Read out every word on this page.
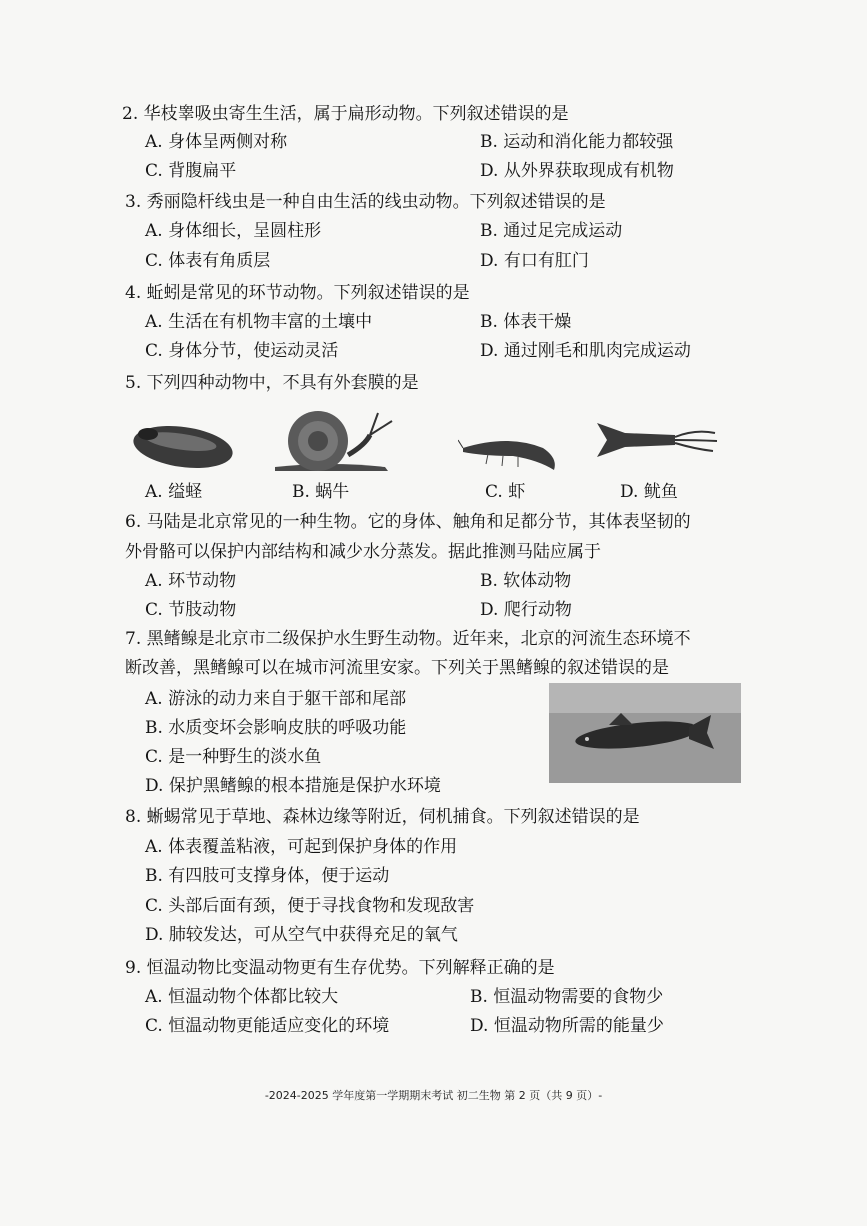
2. 华枝睾吸虫寄生生活，属于扁形动物。下列叙述错误的是
A. 身体呈两侧对称	B. 运动和消化能力都较强
C. 背腹扁平	D. 从外界获取现成有机物
3. 秀丽隐杆线虫是一种自由生活的线虫动物。下列叙述错误的是
A. 身体细长，呈圆柱形	B. 通过足完成运动
C. 体表有角质层	D. 有口有肛门
4. 蚯蚓是常见的环节动物。下列叙述错误的是
A. 生活在有机物丰富的土壤中	B. 体表干燥
C. 身体分节，使运动灵活	D. 通过刚毛和肌肉完成运动
5. 下列四种动物中，不具有外套膜的是
A. 缢蛏	B. 蜗牛	C. 虾	D. 鱿鱼
6. 马陆是北京常见的一种生物。它的身体、触角和足都分节，其体表坚韧的
外骨骼可以保护内部结构和减少水分蒸发。据此推测马陆应属于
A. 环节动物	B. 软体动物
C. 节肢动物	D. 爬行动物
7. 黑鳍鳈是北京市二级保护水生野生动物。近年来，北京的河流生态环境不
断改善，黑鳍鳈可以在城市河流里安家。下列关于黑鳍鳈的叙述错误的是
A. 游泳的动力来自于躯干部和尾部
B. 水质变坏会影响皮肤的呼吸功能
C. 是一种野生的淡水鱼
D. 保护黑鳍鳈的根本措施是保护水环境
8. 蜥蜴常见于草地、森林边缘等附近，伺机捕食。下列叙述错误的是
A. 体表覆盖粘液，可起到保护身体的作用
B. 有四肢可支撑身体，便于运动
C. 头部后面有颈，便于寻找食物和发现敌害
D. 肺较发达，可从空气中获得充足的氧气
9. 恒温动物比变温动物更有生存优势。下列解释正确的是
A. 恒温动物个体都比较大	B. 恒温动物需要的食物少
C. 恒温动物更能适应变化的环境	D. 恒温动物所需的能量少
-2024-2025 学年度第一学期期末考试 初二生物 第 2 页（共 9 页）-
